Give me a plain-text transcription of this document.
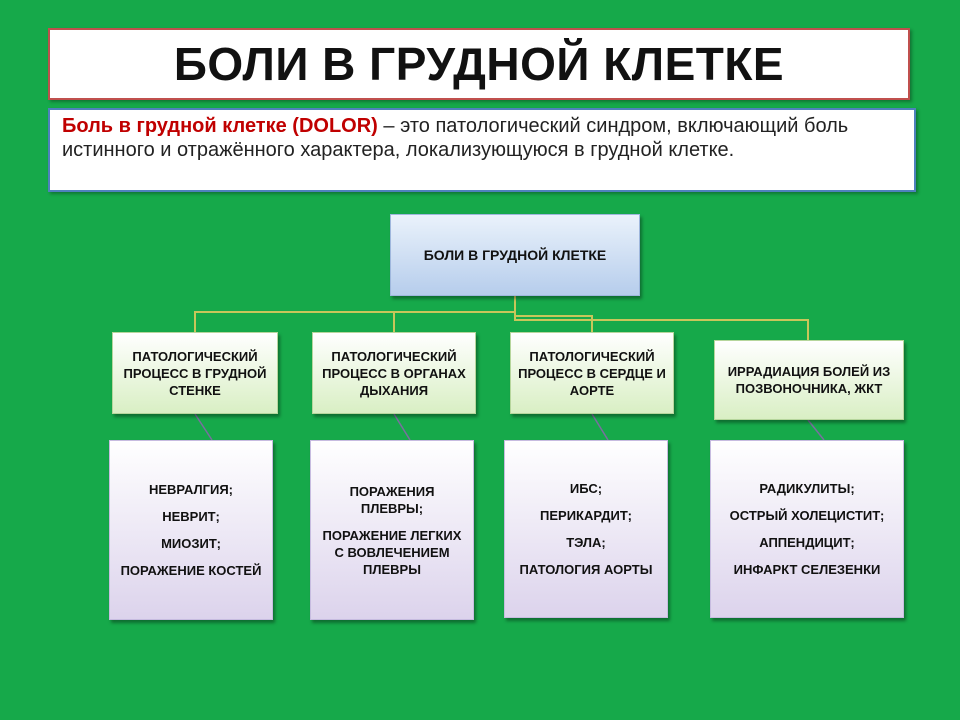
БОЛИ В ГРУДНОЙ КЛЕТКЕ
Боль в грудной клетке (DOLOR) – это патологический синдром, включающий боль истинного и отражённого характера, локализующуюся в грудной клетке.
БОЛИ В ГРУДНОЙ КЛЕТКЕ
ПАТОЛОГИЧЕСКИЙ ПРОЦЕСС В ГРУДНОЙ СТЕНКЕ
ПАТОЛОГИЧЕСКИЙ ПРОЦЕСС В ОРГАНАХ ДЫХАНИЯ
ПАТОЛОГИЧЕСКИЙ ПРОЦЕСС В СЕРДЦЕ И АОРТЕ
ИРРАДИАЦИЯ БОЛЕЙ ИЗ ПОЗВОНОЧНИКА, ЖКТ
НЕВРАЛГИЯ;
НЕВРИТ;
МИОЗИТ;
ПОРАЖЕНИЕ КОСТЕЙ
ПОРАЖЕНИЯ ПЛЕВРЫ;
ПОРАЖЕНИЕ ЛЕГКИХ С ВОВЛЕЧЕНИЕМ ПЛЕВРЫ
ИБС;
ПЕРИКАРДИТ;
ТЭЛА;
ПАТОЛОГИЯ АОРТЫ
РАДИКУЛИТЫ;
ОСТРЫЙ ХОЛЕЦИСТИТ;
АППЕНДИЦИТ;
ИНФАРКТ СЕЛЕЗЕНКИ
